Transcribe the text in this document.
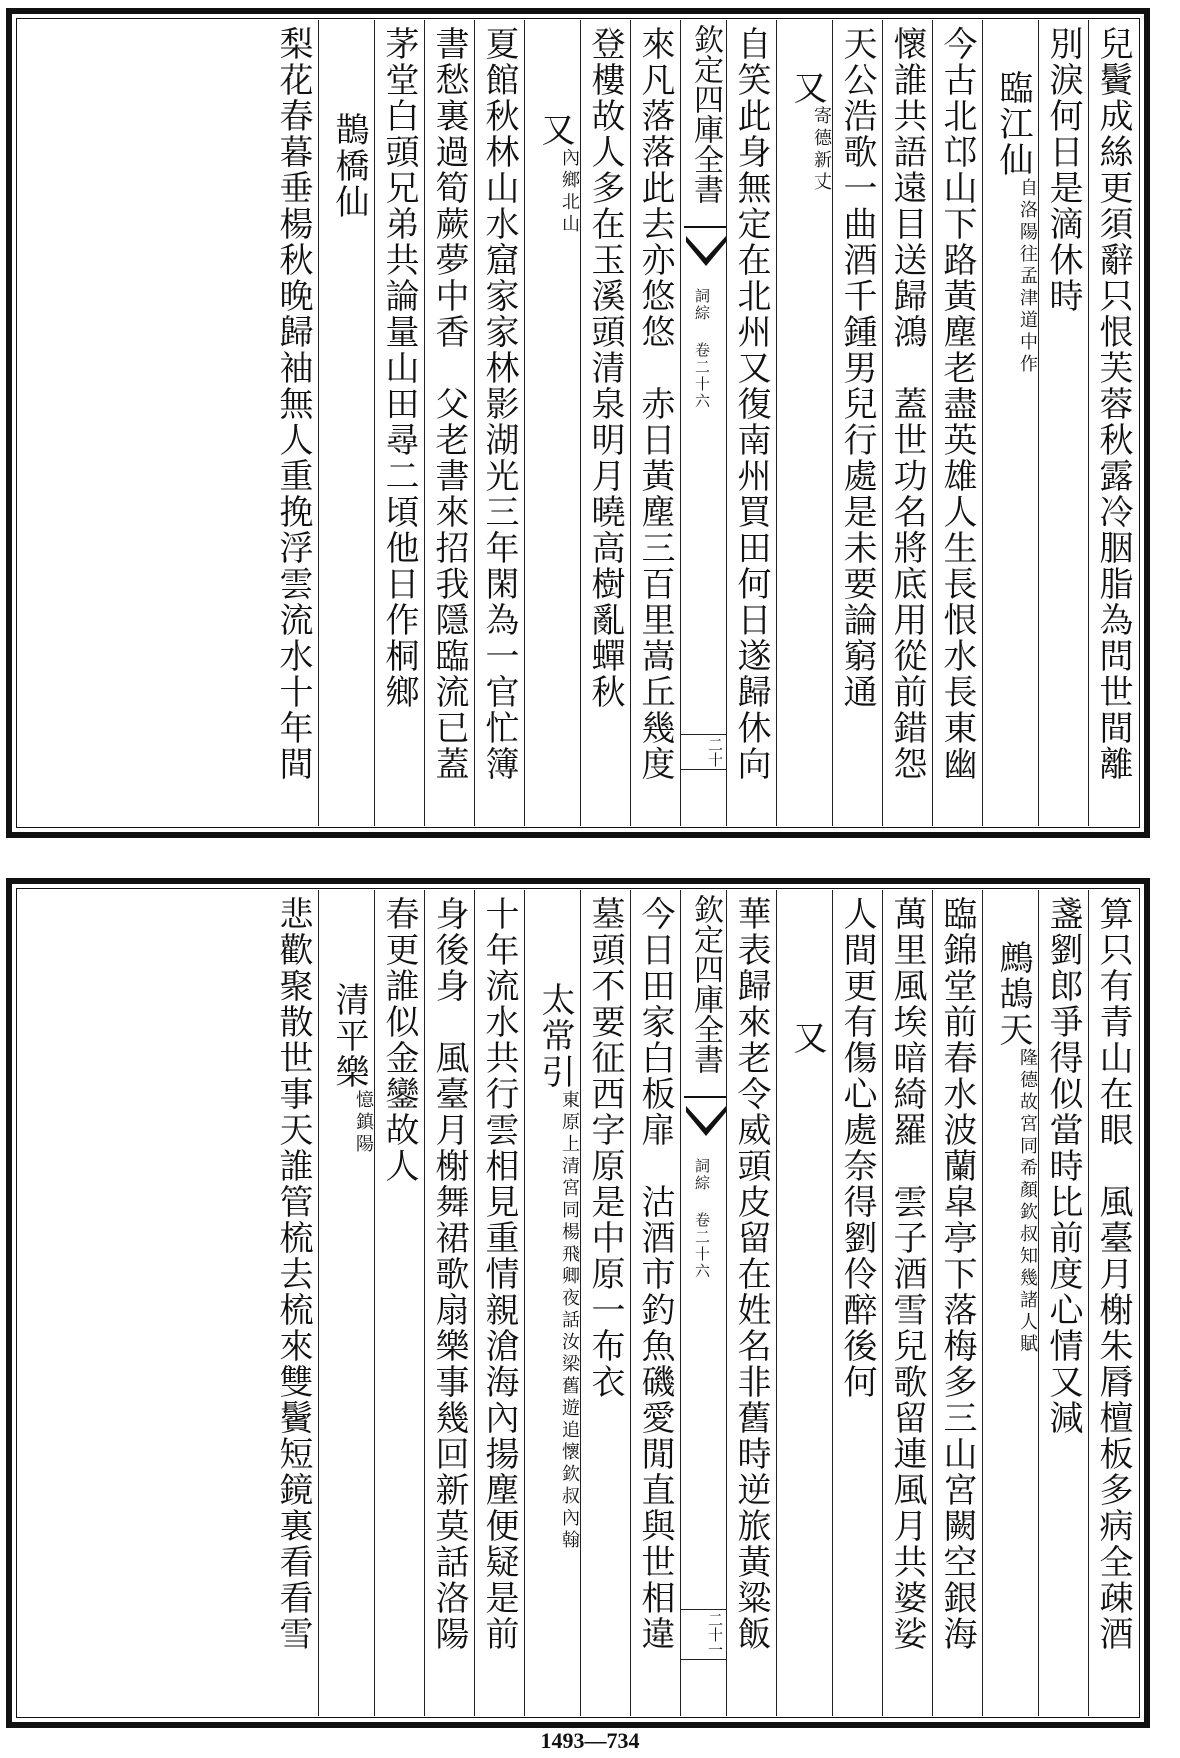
兒鬢成絲更須辭只恨芙蓉秋露冷胭脂為問世間離
別淚何日是滴休時
臨江仙自洛陽往孟津道中作
今古北邙山下路黃塵老盡英雄人生長恨水長東幽
懷誰共語遠目送歸鴻　蓋世功名將底用從前錯怨
天公浩歌一曲酒千鍾男兒行處是未要論窮通
又寄德新丈
自笑此身無定在北州又復南州買田何日遂歸休向
欽定四庫全書
詞綜 卷二十六
二十
來凡落落此去亦悠悠　赤日黃塵三百里嵩丘幾度
登樓故人多在玉溪頭清泉明月曉高樹亂蟬秋
又內鄉北山
夏館秋林山水窟家家林影湖光三年閑為一官忙簿
書愁裏過筍蕨夢中香　父老書來招我隱臨流已蓋
茅堂白頭兄弟共論量山田尋二頃他日作桐鄉
鵲橋仙
梨花春暮垂楊秋晚歸袖無人重挽浮雲流水十年間
算只有青山在眼　風臺月榭朱脣檀板多病全疎酒
盞劉郎爭得似當時比前度心情又減
鷓鴣天隆德故宮同希顏欽叔知幾諸人賦
臨錦堂前春水波蘭皐亭下落梅多三山宮闕空銀海
萬里風埃暗綺羅　雲子酒雪兒歌留連風月共婆娑
人間更有傷心處奈得劉伶醉後何
又
華表歸來老令威頭皮留在姓名非舊時逆旅黃粱飯
欽定四庫全書
詞綜 卷二十六
二十一
今日田家白板扉　沽酒市釣魚磯愛閒直與世相違
墓頭不要征西字原是中原一布衣
太常引東原上清宮同楊飛卿夜話汝梁舊遊追懷欽叔內翰
十年流水共行雲相見重情親滄海內揚塵便疑是前
身後身　風臺月榭舞裙歌扇樂事幾回新莫話洛陽
春更誰似金鑾故人
清平樂憶鎮陽
悲歡聚散世事天誰管梳去梳來雙鬢短鏡裏看看雪
1493—734
